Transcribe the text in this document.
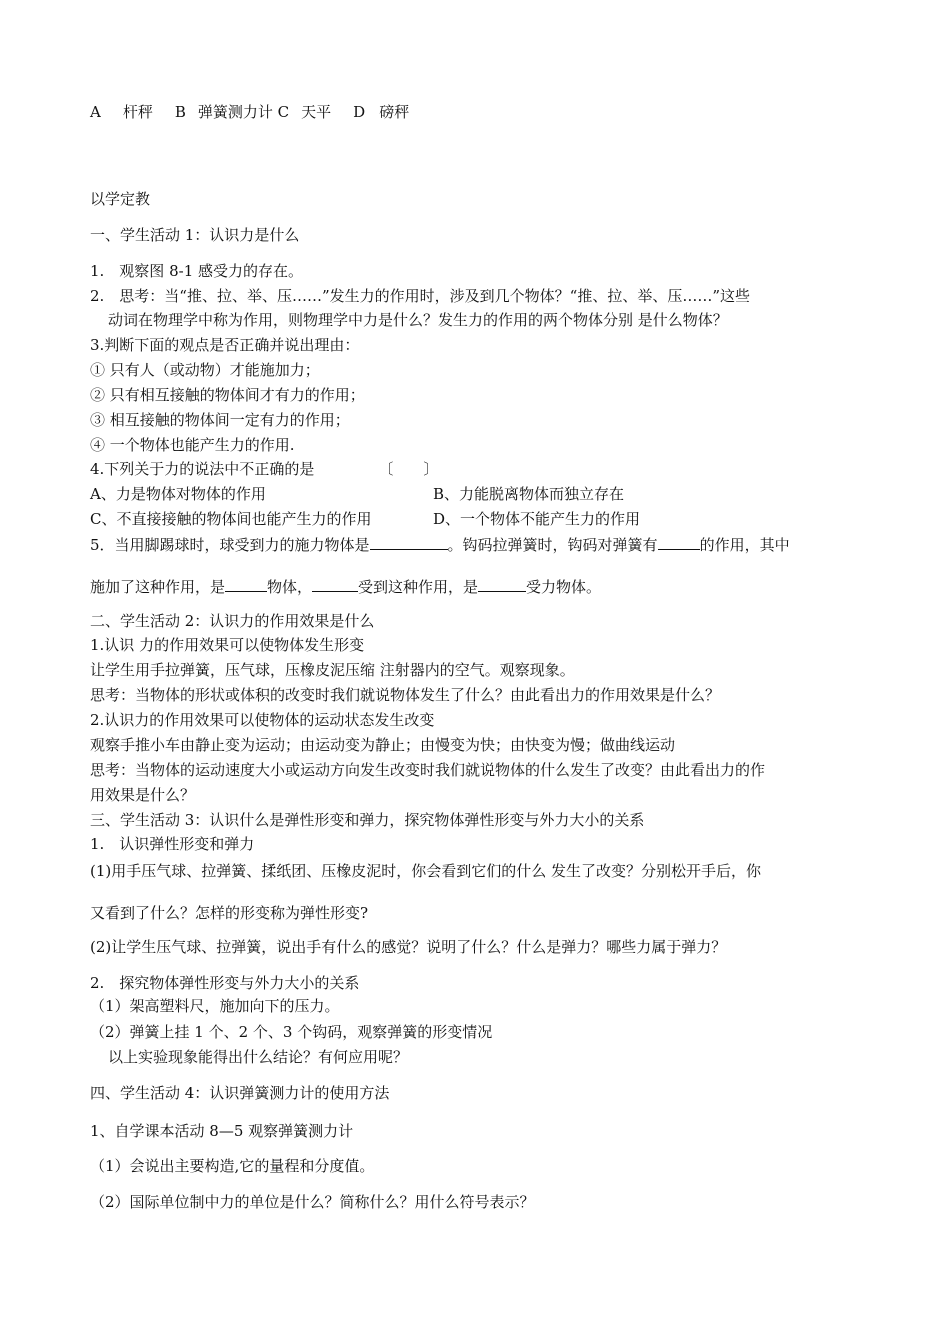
A 杆秤 B 弹簧测力计 C 天平 D 磅秤
以学定教
一、学生活动 1：认识力是什么
1.　观察图 8-1 感受力的存在。
2.　思考：当“推、拉、举、压……”发生力的作用时，涉及到几个物体？“推、拉、举、压……”这些
动词在物理学中称为作用，则物理学中力是什么？发生力的作用的两个物体分别 是什么物体？
3.判断下面的观点是否正确并说出理由：
① 只有人（或动物）才能施加力；
② 只有相互接触的物体间才有力的作用；
③ 相互接触的物体间一定有力的作用；
④ 一个物体也能产生力的作用.
4.下列关于力的说法中不正确的是	〔　　〕
A、力是物体对物体的作用	B、力能脱离物体而独立存在
C、不直接接触的物体间也能产生力的作用	D、一个物体不能产生力的作用
5．当用脚踢球时，球受到力的施力物体是	。钩码拉弹簧时，钩码对弹簧有	的作用，其中
施加了这种作用，是	物体，	受到这种作用，是	受力物体。
二、学生活动 2：认识力的作用效果是什么
1.认识 力的作用效果可以使物体发生形变
让学生用手拉弹簧，压气球，压橡皮泥压缩 注射器内的空气。观察现象。
思考：当物体的形状或体积的改变时我们就说物体发生了什么？由此看出力的作用效果是什么？
2.认识力的作用效果可以使物体的运动状态发生改变
观察手推小车由静止变为运动；由运动变为静止；由慢变为快；由快变为慢；做曲线运动
思考：当物体的运动速度大小或运动方向发生改变时我们就说物体的什么发生了改变？由此看出力的作
用效果是什么？
三、学生活动 3：认识什么是弹性形变和弹力，探究物体弹性形变与外力大小的关系
1.　认识弹性形变和弹力
(1)用手压气球、拉弹簧、揉纸团、压橡皮泥时，你会看到它们的什么 发生了改变？分别松开手后，你
又看到了什么？怎样的形变称为弹性形变?
(2)让学生压气球、拉弹簧，说出手有什么的感觉？说明了什么？什么是弹力？哪些力属于弹力？
2.　探究物体弹性形变与外力大小的关系
（1）架高塑料尺，施加向下的压力。
（2）弹簧上挂 1 个、2 个、3 个钩码，观察弹簧的形变情况
以上实验现象能得出什么结论？有何应用呢？
四、学生活动 4：认识弹簧测力计的使用方法
1、自学课本活动 8—5 观察弹簧测力计
（1）会说出主要构造,它的量程和分度值。
（2）国际单位制中力的单位是什么？简称什么？用什么符号表示？
